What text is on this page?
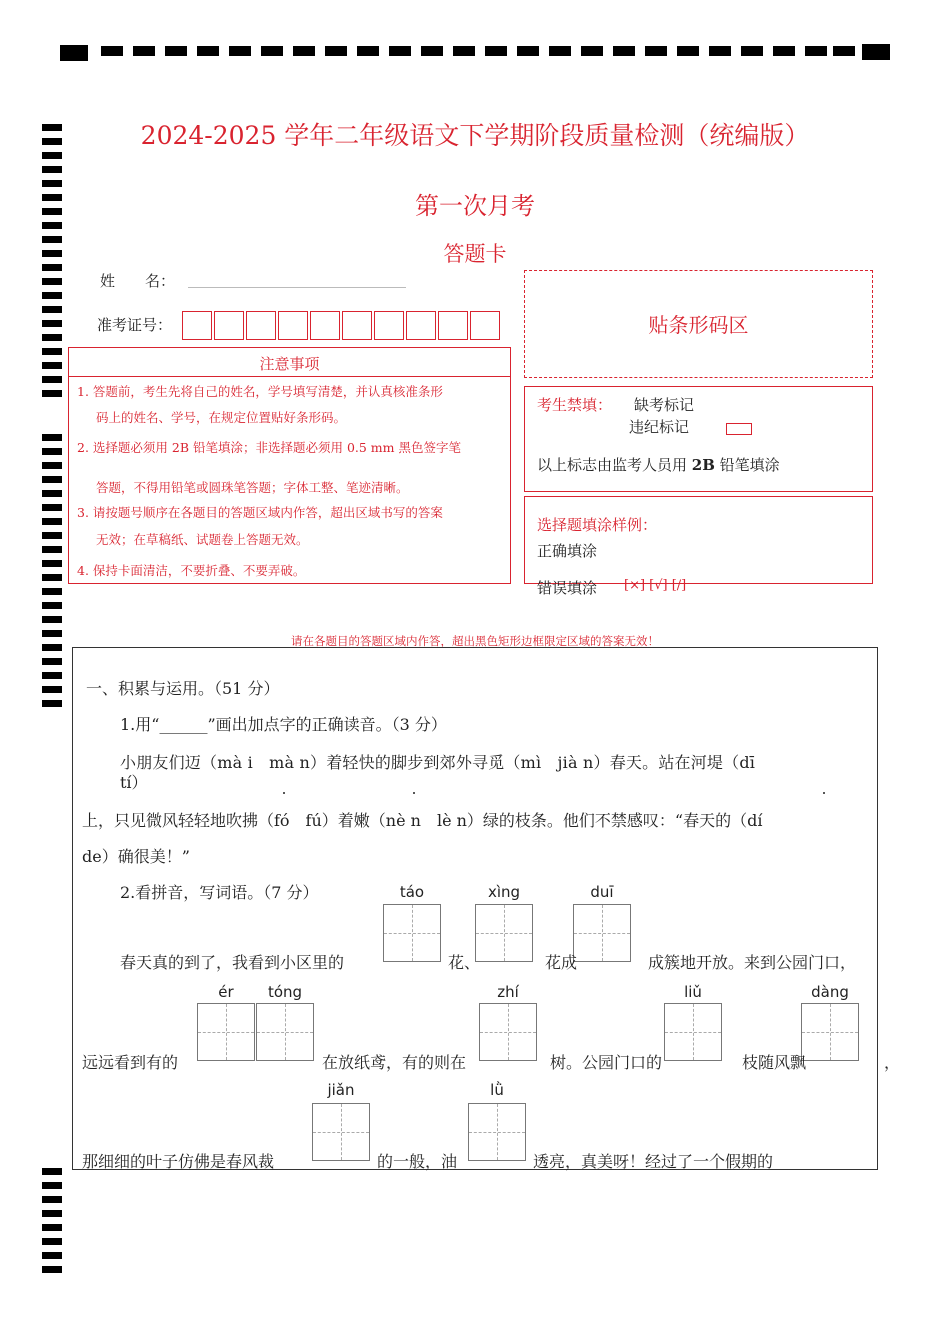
2024-2025 学年二年级语文下学期阶段质量检测（统编版）
第一次月考
答题卡
姓　　名：
准考证号：	贴条形码区
注意事项
1. 答题前，考生先将自己的姓名，学号填写清楚，并认真核准条形
码上的姓名、学号，在规定位置贴好条形码。
2. 选择题必须用 2B 铅笔填涂；非选择题必须用 0.5 mm 黑色签字笔
答题，不得用铅笔或圆珠笔答题；字体工整、笔迹清晰。
3. 请按题号顺序在各题目的答题区域内作答，超出区域书写的答案
无效；在草稿纸、试题卷上答题无效。
4. 保持卡面清洁，不要折叠、不要弄破。
考生禁填： 缺考标记
违纪标记
以上标志由监考人员用 2B 铅笔填涂
选择题填涂样例：
正确填涂
错误填涂 [×] [√] [/]
请在各题目的答题区域内作答，超出黑色矩形边框限定区域的答案无效！
一、积累与运用。（51 分）
1.用“______”画出加点字的正确读音。（3 分）
小朋友们迈（mà i　mà n）着轻快的脚步到郊外寻觅（mì　jià n）春天。站在河堤（dī
tí）
上，只见微风轻轻地吹拂（fó　fú）着嫩（nè n　lè n）绿的枝条。他们不禁感叹：“春天的（dí
de）确很美！”
2.看拼音，写词语。（7 分）	táo	xìng	duī
春天真的到了，我看到小区里的	花、	花成	成簇地开放。来到公园门口，
ér	tóng	zhí	liǔ	dàng
远远看到有的	在放纸鸢，有的则在	树。公园门口的	枝随风飘	，
jiǎn	lǜ
那细细的叶子仿佛是春风裁	的一般，油	透亮，真美呀！经过了一个假期的
